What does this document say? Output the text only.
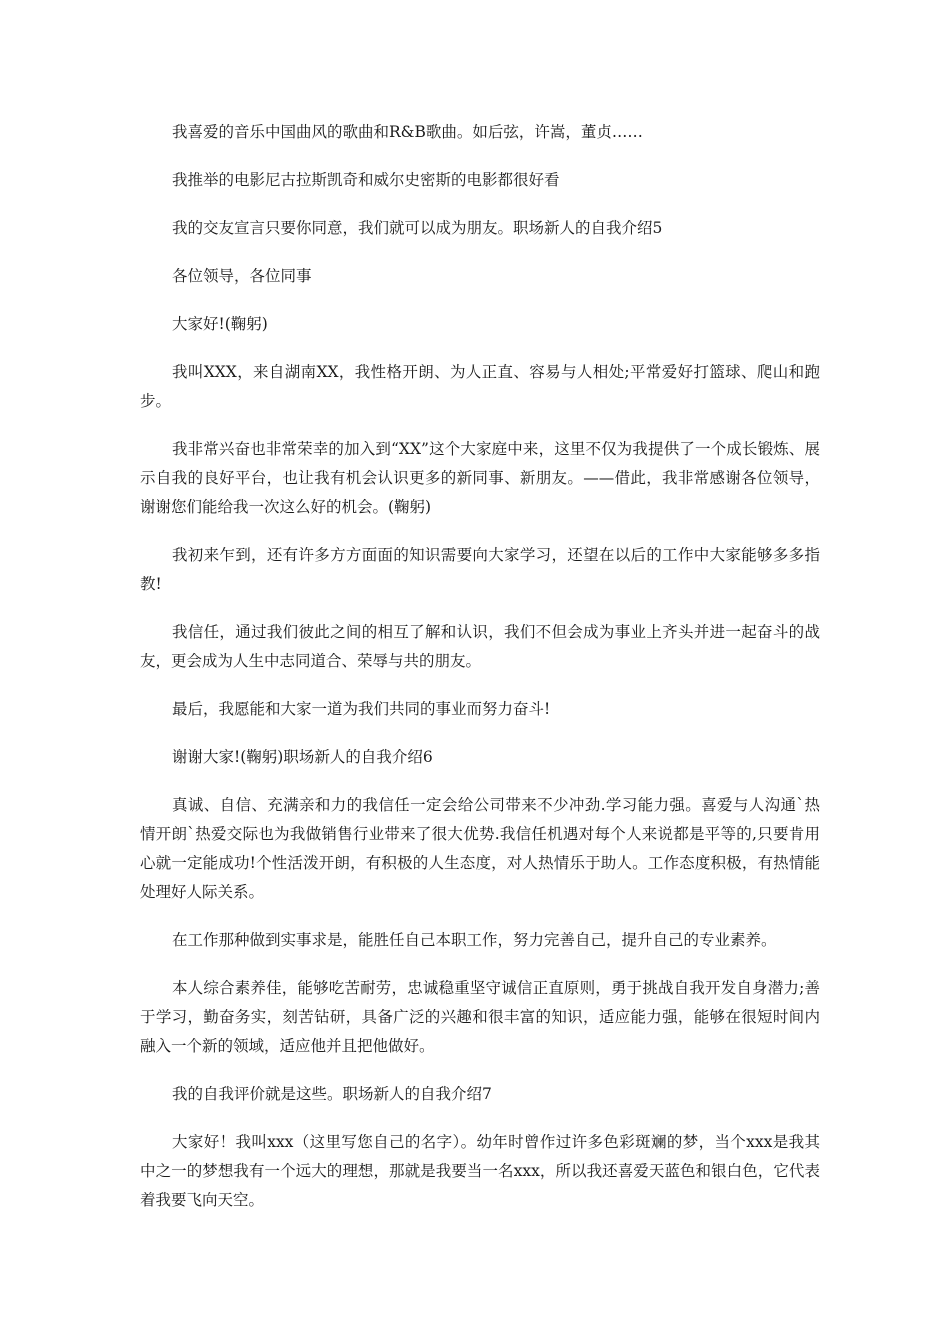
我喜爱的音乐中国曲风的歌曲和R&B歌曲。如后弦，许嵩，董贞……

我推举的电影尼古拉斯凯奇和威尔史密斯的电影都很好看

我的交友宣言只要你同意，我们就可以成为朋友。职场新人的自我介绍5

各位领导，各位同事

大家好!(鞠躬)

我叫XXX，来自湖南XX，我性格开朗、为人正直、容易与人相处;平常爱好打篮球、爬山和跑步。

我非常兴奋也非常荣幸的加入到“XX”这个大家庭中来，这里不仅为我提供了一个成长锻炼、展示自我的良好平台，也让我有机会认识更多的新同事、新朋友。——借此，我非常感谢各位领导，谢谢您们能给我一次这么好的机会。(鞠躬)

我初来乍到，还有许多方方面面的知识需要向大家学习，还望在以后的工作中大家能够多多指教!

我信任，通过我们彼此之间的相互了解和认识，我们不但会成为事业上齐头并进一起奋斗的战友，更会成为人生中志同道合、荣辱与共的朋友。

最后，我愿能和大家一道为我们共同的事业而努力奋斗!

谢谢大家!(鞠躬)职场新人的自我介绍6

真诚、自信、充满亲和力的我信任一定会给公司带来不少冲劲.学习能力强。喜爱与人沟通`热情开朗`热爱交际也为我做销售行业带来了很大优势.我信任机遇对每个人来说都是平等的,只要肯用心就一定能成功!个性活泼开朗，有积极的人生态度，对人热情乐于助人。工作态度积极，有热情能处理好人际关系。

在工作那种做到实事求是，能胜任自己本职工作，努力完善自己，提升自己的专业素养。

本人综合素养佳，能够吃苦耐劳，忠诚稳重坚守诚信正直原则，勇于挑战自我开发自身潜力;善于学习，勤奋务实，刻苦钻研，具备广泛的兴趣和很丰富的知识，适应能力强，能够在很短时间内融入一个新的领域，适应他并且把他做好。

我的自我评价就是这些。职场新人的自我介绍7

大家好！我叫xxx（这里写您自己的名字）。幼年时曾作过许多色彩斑斓的梦，当个xxx是我其中之一的梦想我有一个远大的理想，那就是我要当一名xxx，所以我还喜爱天蓝色和银白色，它代表着我要飞向天空。
